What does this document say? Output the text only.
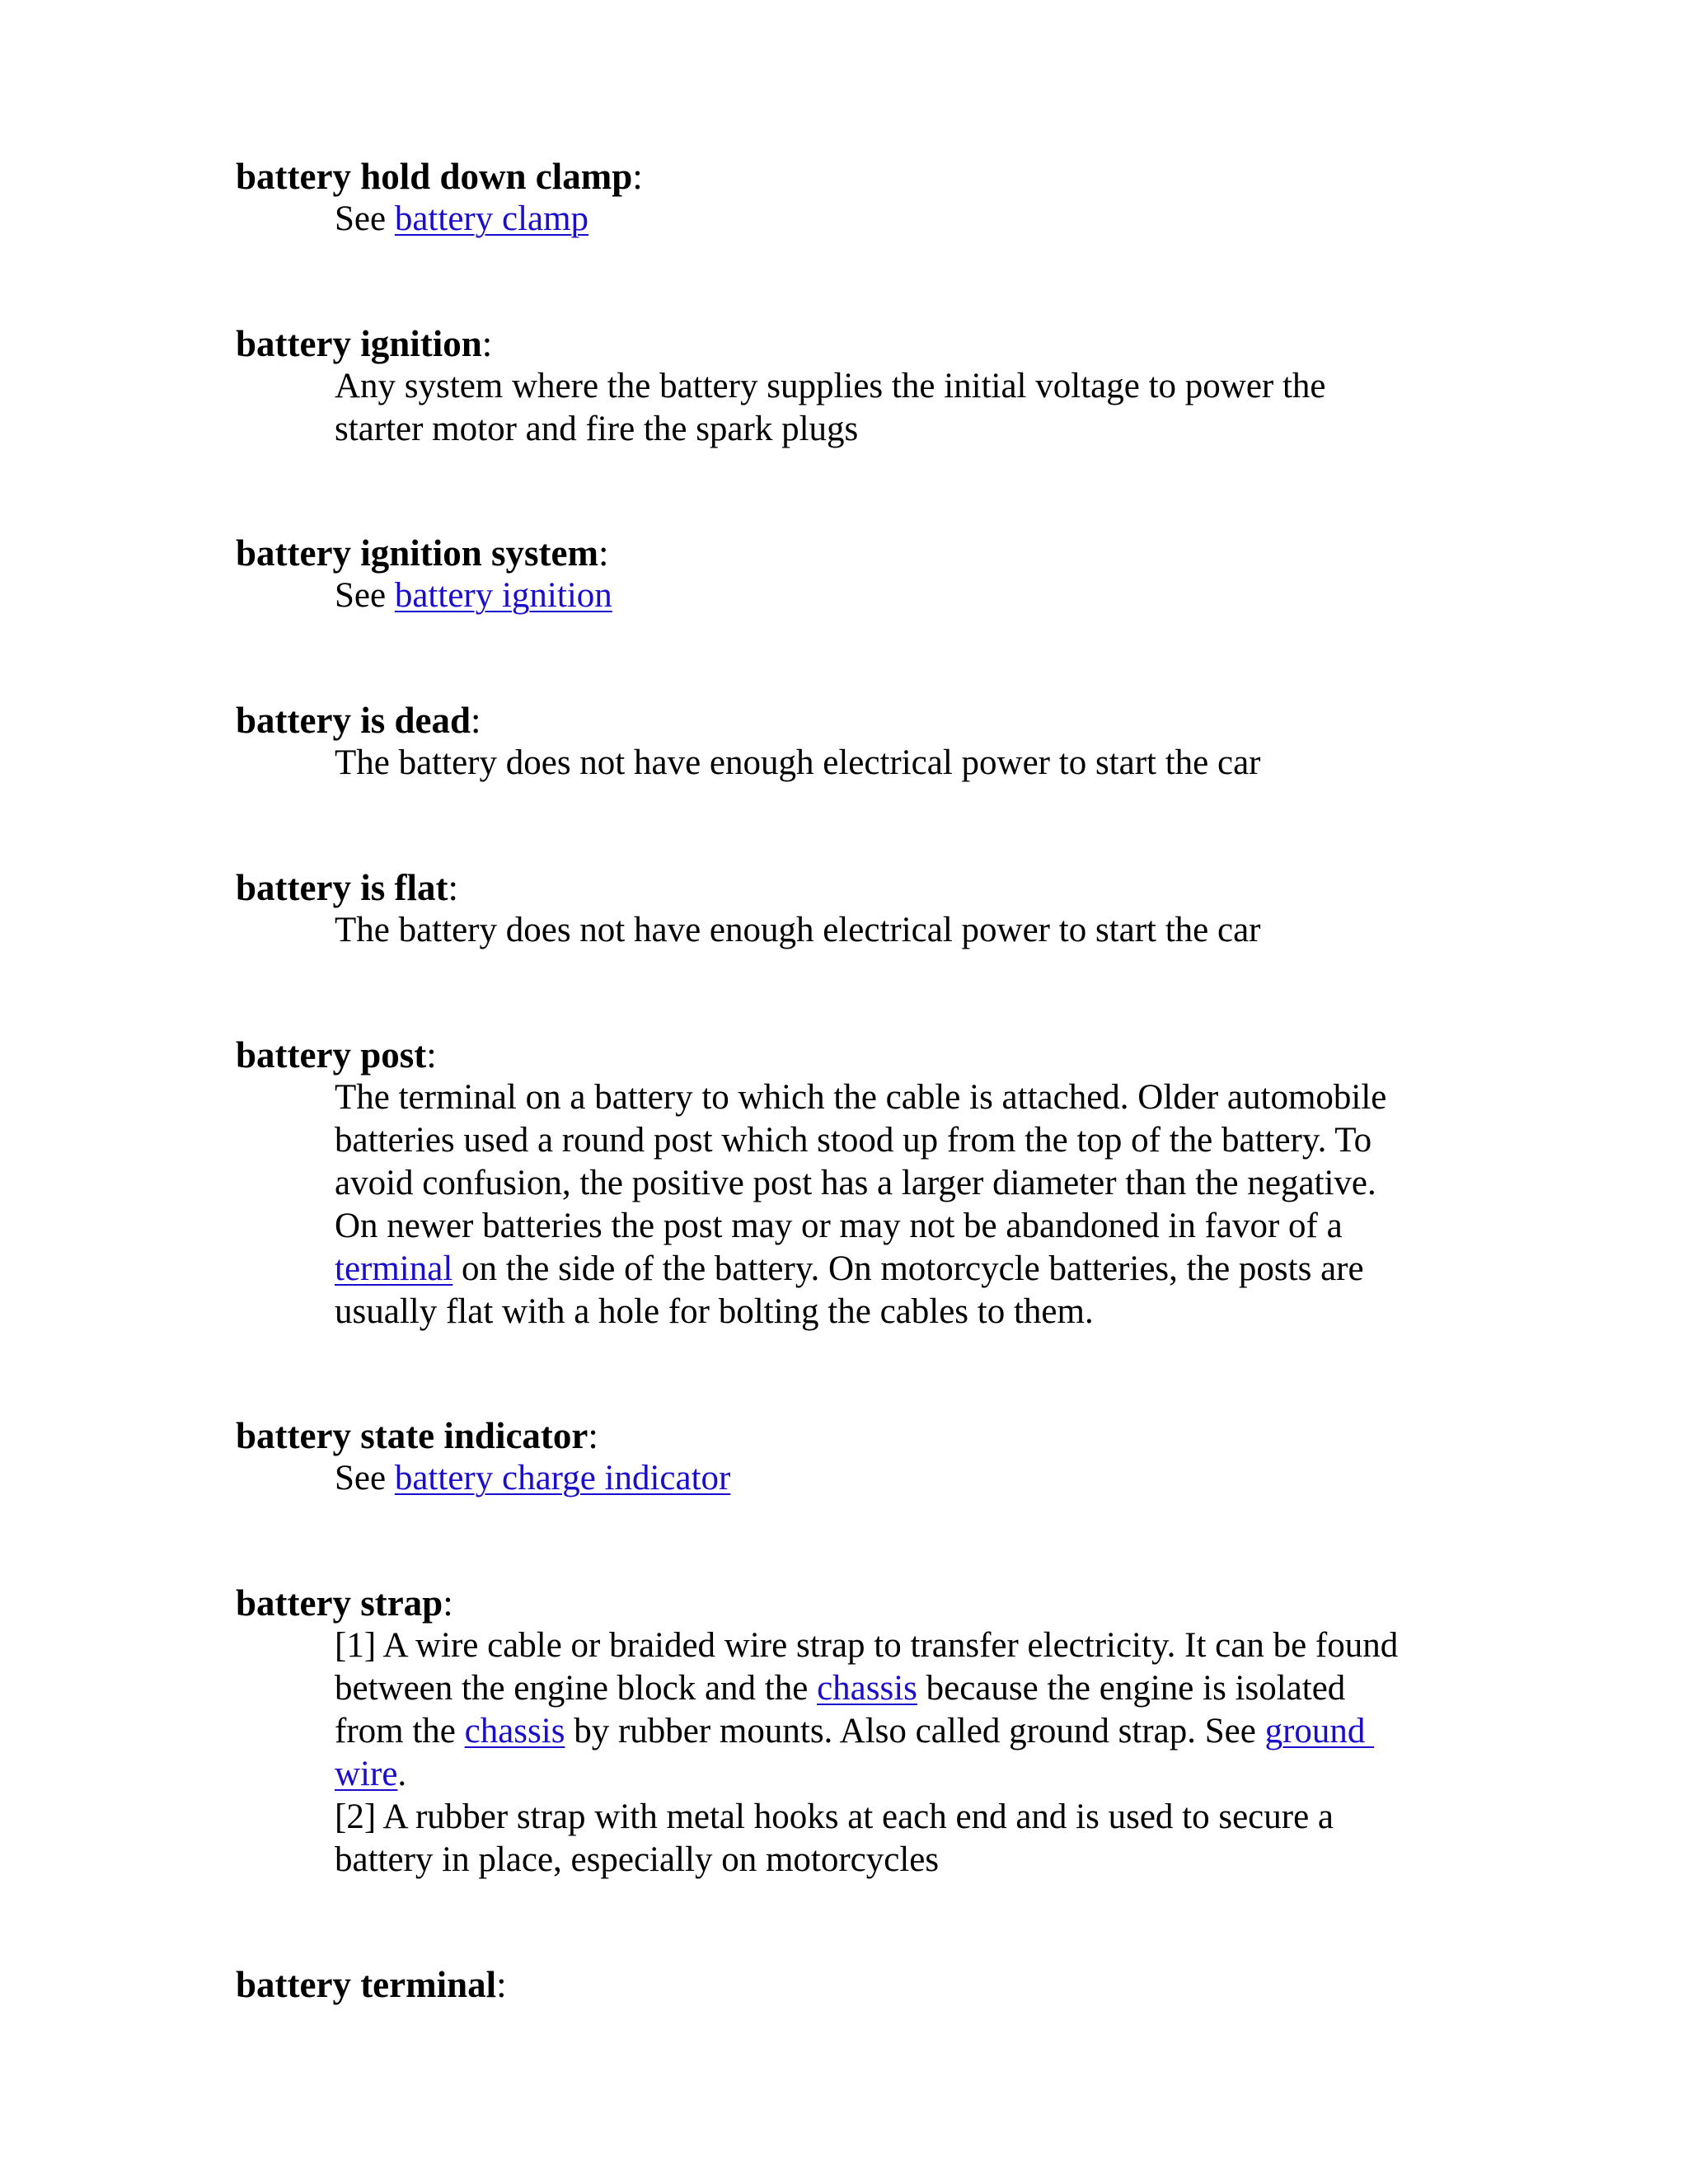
battery hold down clamp:
See battery clamp
battery ignition:
Any system where the battery supplies the initial voltage to power the
starter motor and fire the spark plugs
battery ignition system:
See battery ignition
battery is dead:
The battery does not have enough electrical power to start the car
battery is flat:
The battery does not have enough electrical power to start the car
battery post:
The terminal on a battery to which the cable is attached. Older automobile
batteries used a round post which stood up from the top of the battery. To
avoid confusion, the positive post has a larger diameter than the negative.
On newer batteries the post may or may not be abandoned in favor of a
terminal on the side of the battery. On motorcycle batteries, the posts are
usually flat with a hole for bolting the cables to them.
battery state indicator:
See battery charge indicator
battery strap:
[1] A wire cable or braided wire strap to transfer electricity. It can be found
between the engine block and the chassis because the engine is isolated
from the chassis by rubber mounts. Also called ground strap. See ground
wire.
[2] A rubber strap with metal hooks at each end and is used to secure a
battery in place, especially on motorcycles
battery terminal:
